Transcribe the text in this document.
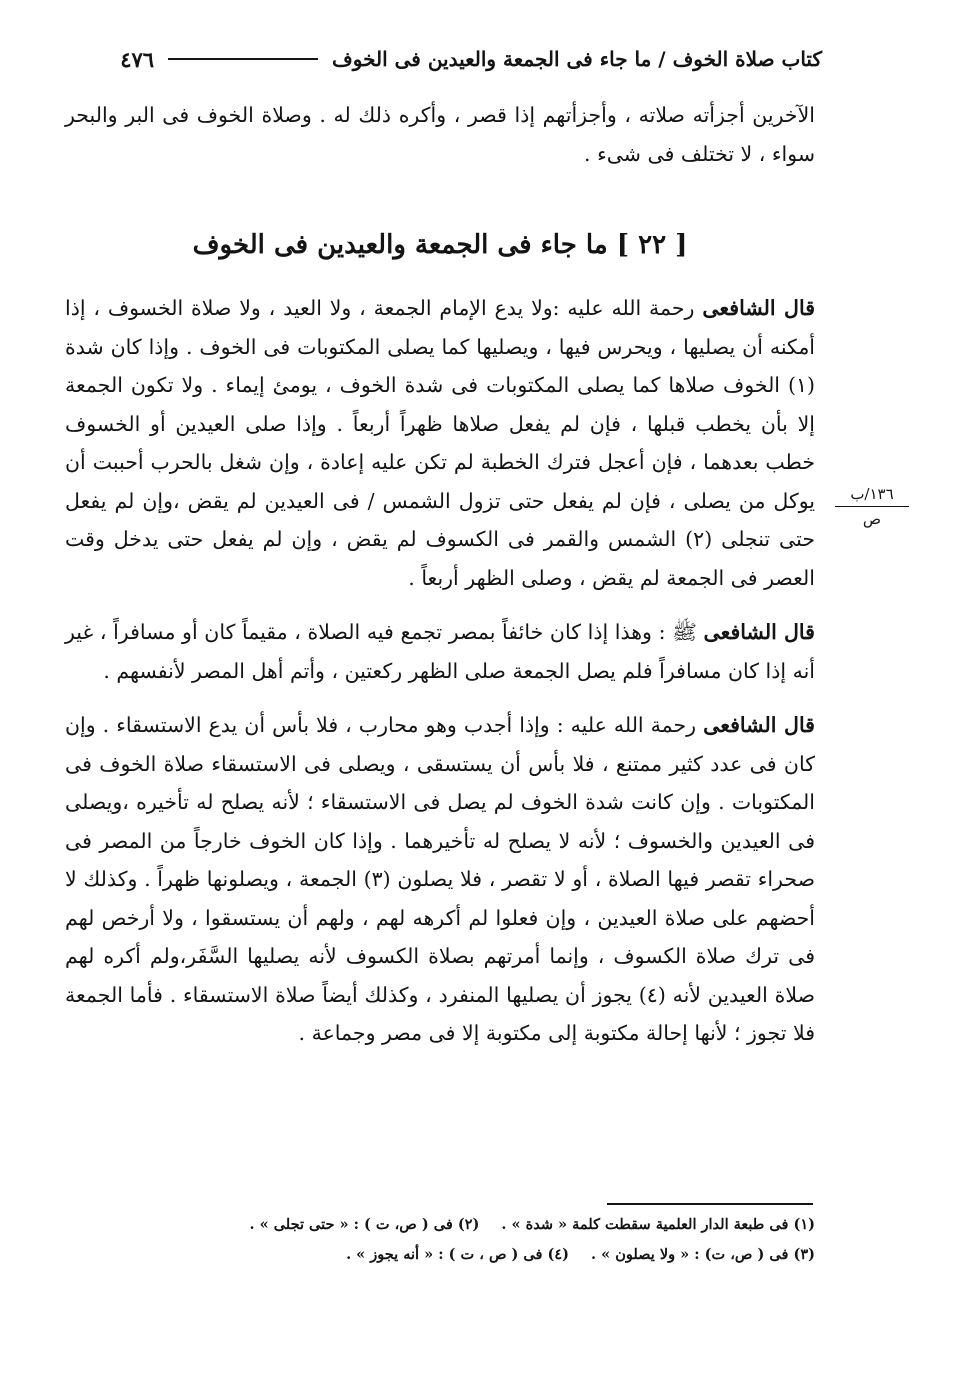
كتاب صلاة الخوف / ما جاء فى الجمعة والعيدين فى الخوف
٤٧٦

الآخرين أجزأته صلاته ، وأجزأتهم إذا قصر ، وأكره ذلك له . وصلاة الخوف فى البر والبحر سواء ، لا تختلف فى شىء .

[ ٢٢ ] ما جاء فى الجمعة والعيدين فى الخوف
١٣٦/ب
ص

قال الشافعى رحمة الله عليه :ولا يدع الإمام الجمعة ، ولا العيد ، ولا صلاة الخسوف ، إذا أمكنه أن يصليها ، ويحرس فيها ، ويصليها كما يصلى المكتوبات فى الخوف . وإذا كان شدة (١) الخوف صلاها كما يصلى المكتوبات فى شدة الخوف ، يومئ إيماء . ولا تكون الجمعة إلا بأن يخطب قبلها ، فإن لم يفعل صلاها ظهراً أربعاً . وإذا صلى العيدين أو الخسوف خطب بعدهما ، فإن أعجل فترك الخطبة لم تكن عليه إعادة ، وإن شغل بالحرب أحببت أن يوكل من يصلى ، فإن لم يفعل حتى تزول الشمس / فى العيدين لم يقض ،وإن لم يفعل حتى تنجلى (٢) الشمس والقمر فى الكسوف لم يقض ، وإن لم يفعل حتى يدخل وقت العصر فى الجمعة لم يقض ، وصلى الظهر أربعاً .

قال الشافعى ﷺ : وهذا إذا كان خائفاً بمصر تجمع فيه الصلاة ، مقيماً كان أو مسافراً ، غير أنه إذا كان مسافراً فلم يصل الجمعة صلى الظهر ركعتين ، وأتم أهل المصر لأنفسهم .

قال الشافعى رحمة الله عليه : وإذا أجدب وهو محارب ، فلا بأس أن يدع الاستسقاء . وإن كان فى عدد كثير ممتنع ، فلا بأس أن يستسقى ، ويصلى فى الاستسقاء صلاة الخوف فى المكتوبات . وإن كانت شدة الخوف لم يصل فى الاستسقاء ؛ لأنه يصلح له تأخيره ،ويصلى فى العيدين والخسوف ؛ لأنه لا يصلح له تأخيرهما . وإذا كان الخوف خارجاً من المصر فى صحراء تقصر فيها الصلاة ، أو لا تقصر ، فلا يصلون (٣) الجمعة ، ويصلونها ظهراً . وكذلك لا أحضهم على صلاة العيدين ، وإن فعلوا لم أكرهه لهم ، ولهم أن يستسقوا ، ولا أرخص لهم فى ترك صلاة الكسوف ، وإنما أمرتهم بصلاة الكسوف لأنه يصليها السَّفَر،ولم أكره لهم صلاة العيدين لأنه (٤) يجوز أن يصليها المنفرد ، وكذلك أيضاً صلاة الاستسقاء . فأما الجمعة فلا تجوز ؛ لأنها إحالة مكتوبة إلى مكتوبة إلا فى مصر وجماعة .

(١) فى طبعة الدار العلمية سقطت كلمة « شدة » .
(٢) فى ( ص، ت ) : « حتى تجلى » .
(٣) فى ( ص، ت) : « ولا يصلون » .
(٤) فى ( ص ، ت ) : « أنه يجوز » .
